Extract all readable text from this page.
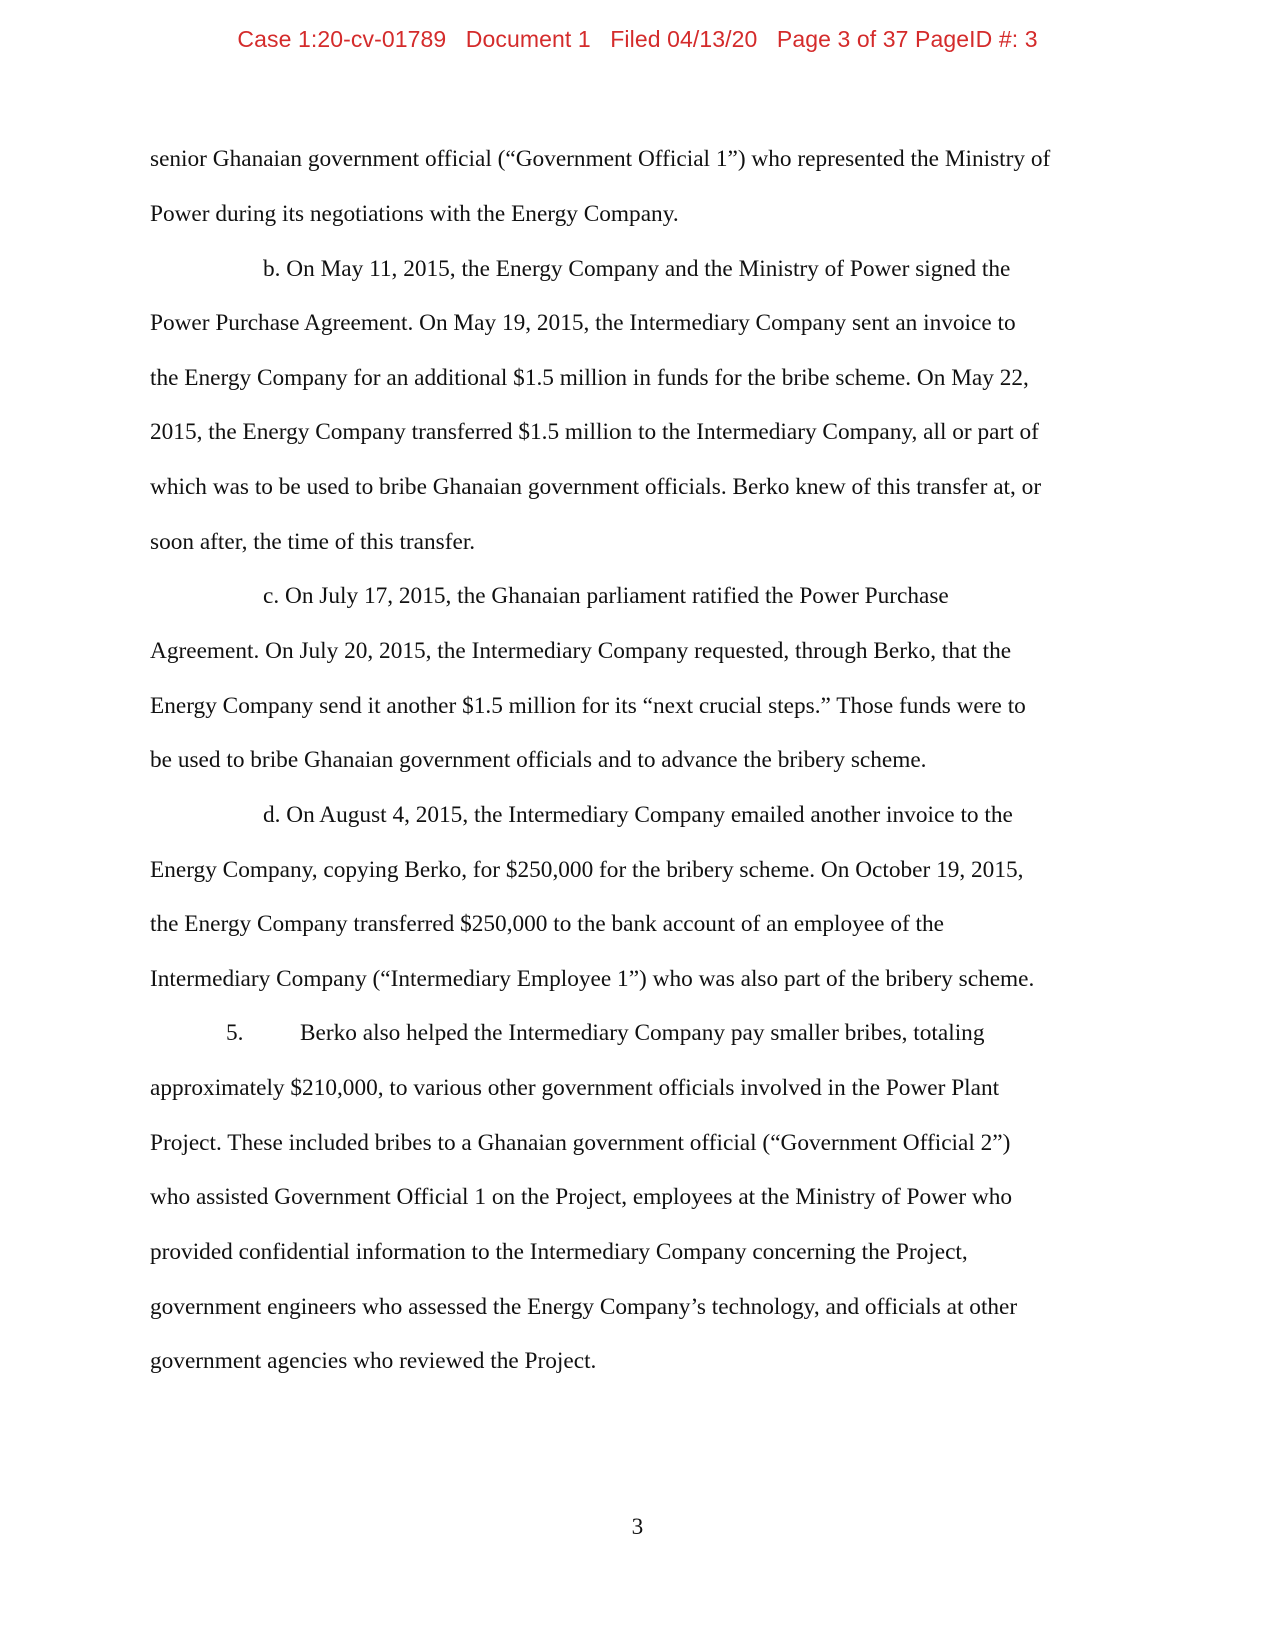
Case 1:20-cv-01789   Document 1   Filed 04/13/20   Page 3 of 37 PageID #: 3
senior Ghanaian government official (“Government Official 1”) who represented the Ministry of
Power during its negotiations with the Energy Company.
b. On May 11, 2015, the Energy Company and the Ministry of Power signed the
Power Purchase Agreement. On May 19, 2015, the Intermediary Company sent an invoice to
the Energy Company for an additional $1.5 million in funds for the bribe scheme. On May 22,
2015, the Energy Company transferred $1.5 million to the Intermediary Company, all or part of
which was to be used to bribe Ghanaian government officials. Berko knew of this transfer at, or
soon after, the time of this transfer.
c. On July 17, 2015, the Ghanaian parliament ratified the Power Purchase
Agreement. On July 20, 2015, the Intermediary Company requested, through Berko, that the
Energy Company send it another $1.5 million for its “next crucial steps.” Those funds were to
be used to bribe Ghanaian government officials and to advance the bribery scheme.
d. On August 4, 2015, the Intermediary Company emailed another invoice to the
Energy Company, copying Berko, for $250,000 for the bribery scheme. On October 19, 2015,
the Energy Company transferred $250,000 to the bank account of an employee of the
Intermediary Company (“Intermediary Employee 1”) who was also part of the bribery scheme.
5. Berko also helped the Intermediary Company pay smaller bribes, totaling
approximately $210,000, to various other government officials involved in the Power Plant
Project. These included bribes to a Ghanaian government official (“Government Official 2”)
who assisted Government Official 1 on the Project, employees at the Ministry of Power who
provided confidential information to the Intermediary Company concerning the Project,
government engineers who assessed the Energy Company’s technology, and officials at other
government agencies who reviewed the Project.
3
